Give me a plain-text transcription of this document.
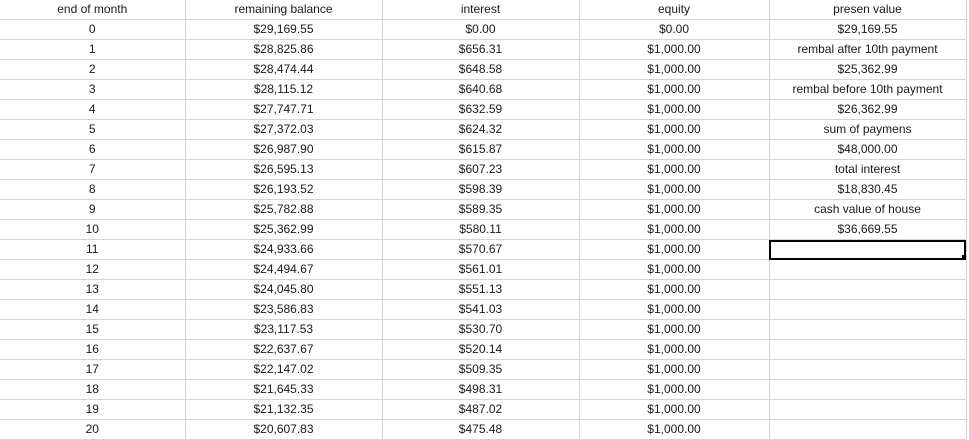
end of month	remaining balance	interest	equity	presen value
0	$29,169.55	$0.00	$0.00	$29,169.55
1	$28,825.86	$656.31	$1,000.00	rembal after 10th payment
2	$28,474.44	$648.58	$1,000.00	$25,362.99
3	$28,115.12	$640.68	$1,000.00	rembal before 10th payment
4	$27,747.71	$632.59	$1,000.00	$26,362.99
5	$27,372.03	$624.32	$1,000.00	sum of paymens
6	$26,987.90	$615.87	$1,000.00	$48,000.00
7	$26,595.13	$607.23	$1,000.00	total interest
8	$26,193.52	$598.39	$1,000.00	$18,830.45
9	$25,782.88	$589.35	$1,000.00	cash value of house
10	$25,362.99	$580.11	$1,000.00	$36,669.55
11	$24,933.66	$570.67	$1,000.00	
12	$24,494.67	$561.01	$1,000.00	
13	$24,045.80	$551.13	$1,000.00	
14	$23,586.83	$541.03	$1,000.00	
15	$23,117.53	$530.70	$1,000.00	
16	$22,637.67	$520.14	$1,000.00	
17	$22,147.02	$509.35	$1,000.00	
18	$21,645.33	$498.31	$1,000.00	
19	$21,132.35	$487.02	$1,000.00	
20	$20,607.83	$475.48	$1,000.00	
